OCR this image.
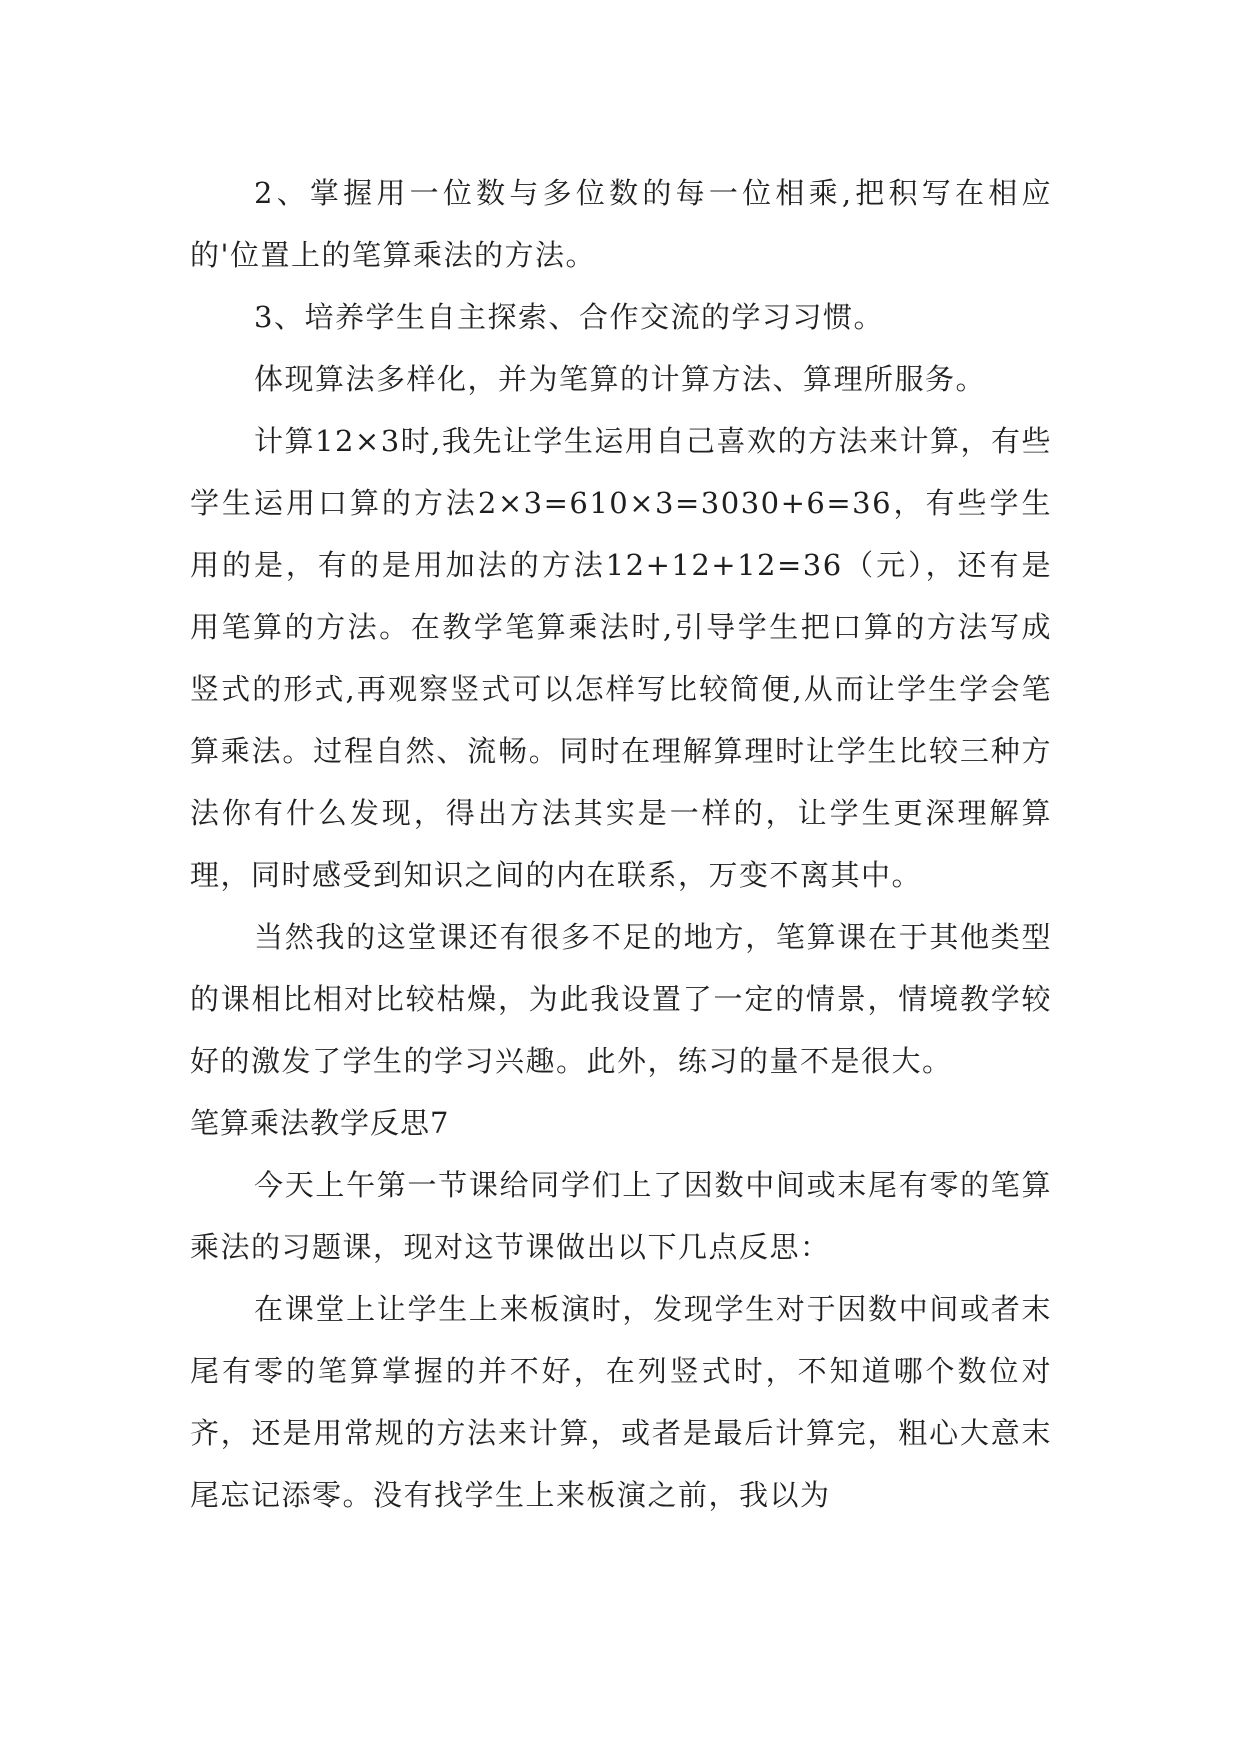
2、掌握用一位数与多位数的每一位相乘,把积写在相应的'位置上的笔算乘法的方法。

3、培养学生自主探索、合作交流的学习习惯。

体现算法多样化，并为笔算的计算方法、算理所服务。

计算12×3时,我先让学生运用自己喜欢的方法来计算，有些学生运用口算的方法2×3=610×3=3030+6=36，有些学生用的是，有的是用加法的方法12+12+12=36（元），还有是用笔算的方法。在教学笔算乘法时,引导学生把口算的方法写成竖式的形式,再观察竖式可以怎样写比较简便,从而让学生学会笔算乘法。过程自然、流畅。同时在理解算理时让学生比较三种方法你有什么发现，得出方法其实是一样的，让学生更深理解算理，同时感受到知识之间的内在联系，万变不离其中。

当然我的这堂课还有很多不足的地方，笔算课在于其他类型的课相比相对比较枯燥，为此我设置了一定的情景，情境教学较好的激发了学生的学习兴趣。此外，练习的量不是很大。

笔算乘法教学反思7

今天上午第一节课给同学们上了因数中间或末尾有零的笔算乘法的习题课，现对这节课做出以下几点反思：

在课堂上让学生上来板演时，发现学生对于因数中间或者末尾有零的笔算掌握的并不好，在列竖式时，不知道哪个数位对齐，还是用常规的方法来计算，或者是最后计算完，粗心大意末尾忘记添零。没有找学生上来板演之前，我以为
